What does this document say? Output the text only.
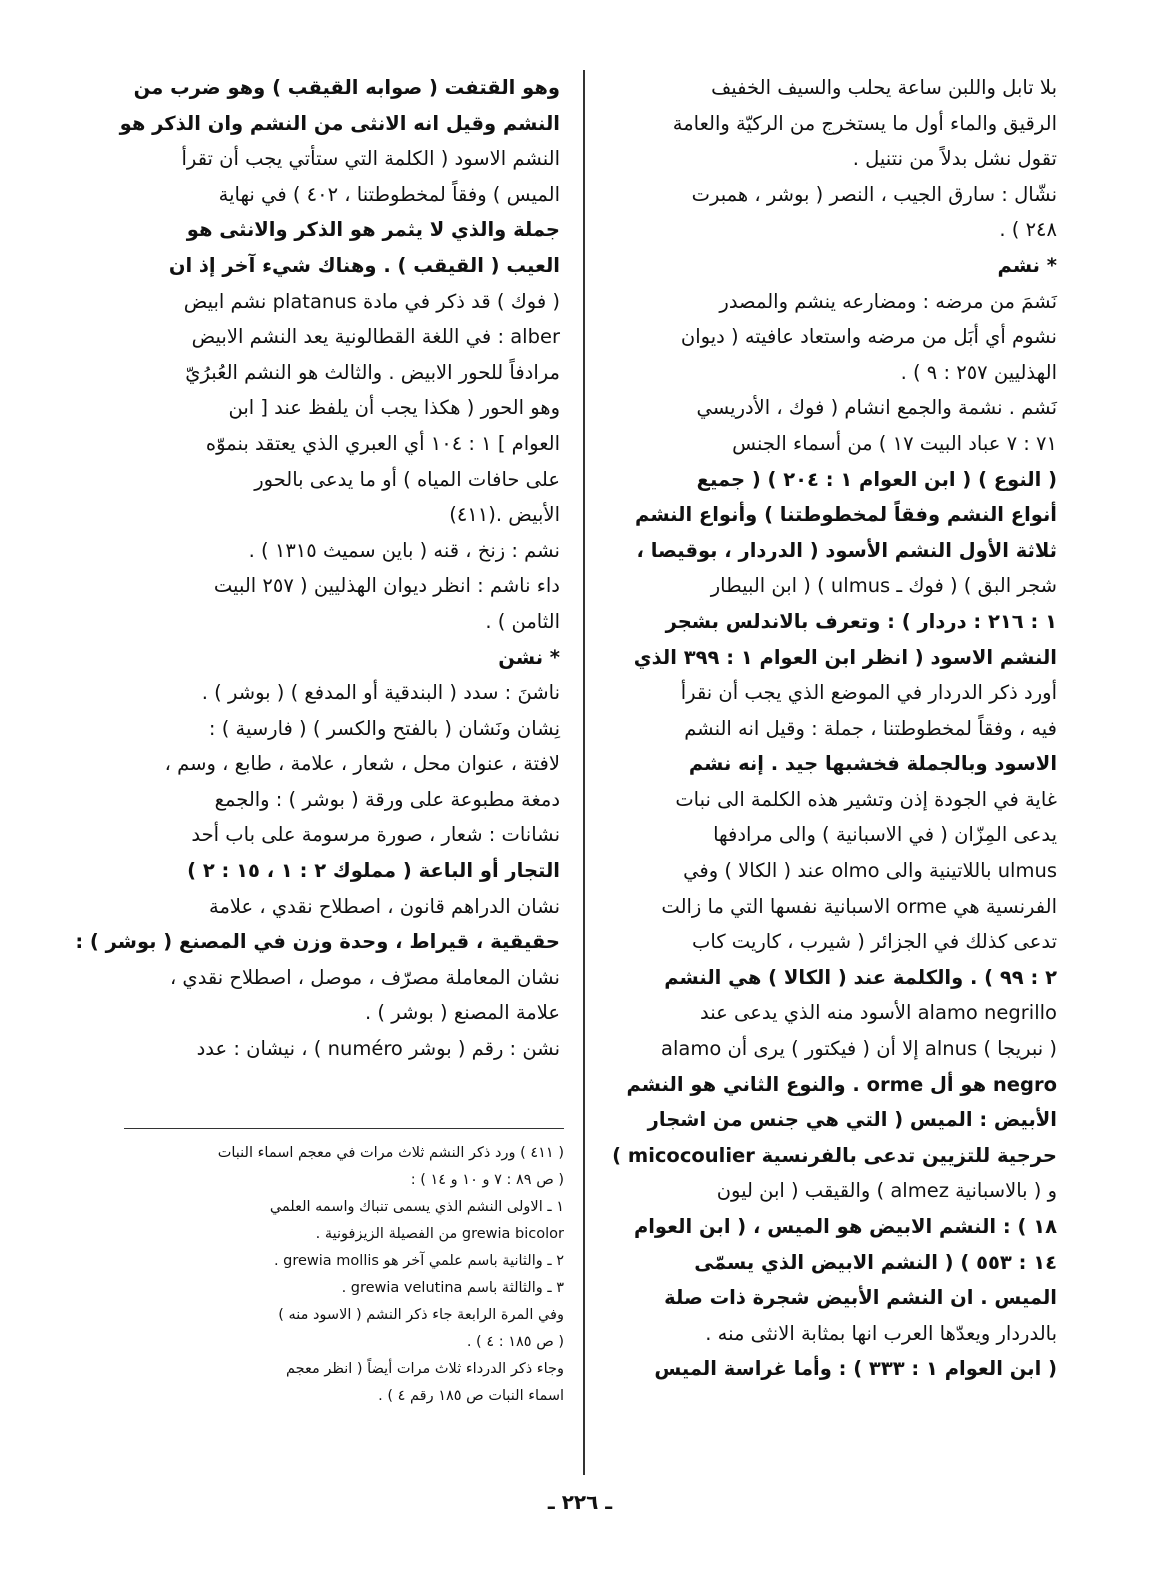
بلا تابل واللبن ساعة يحلب والسيف الخفيف
الرقيق والماء أول ما يستخرج من الركيّة والعامة
تقول نشل بدلاً من نتنيل .
نشّال : سارق الجيب ، النصر ( بوشر ، همبرت
٢٤٨ ) .
* نشم
نَشمَ من مرضه : ومضارعه ينشم والمصدر
نشوم أي أبَل من مرضه واستعاد عافيته ( ديوان
الهذليين ٢٥٧ : ٩ ) .
نَشم . نشمة والجمع انشام ( فوك ، الأدريسي
٧١ : ٧ عباد البيت ١٧ ) من أسماء الجنس
( النوع ) ( ابن العوام ١ : ٢٠٤ ) ( جميع
أنواع النشم وفقاً لمخطوطتنا ) وأنواع النشم
ثلاثة الأول النشم الأسود ( الدردار ، بوقيصا ،
شجر البق ) ( فوك ـ ulmus ) ( ابن البيطار
١ : ٢١٦ : دردار ) : وتعرف بالاندلس بشجر
النشم الاسود ( انظر ابن العوام ١ : ٣٩٩ الذي
أورد ذكر الدردار في الموضع الذي يجب أن نقرأ
فيه ، وفقاً لمخطوطتنا ، جملة : وقيل انه النشم
الاسود وبالجملة فخشبها جيد . إنه نشم
غاية في الجودة إذن وتشير هذه الكلمة الى نبات
يدعى المِزّان ( في الاسبانية ) والى مرادفها
ulmus باللاتينية والى olmo عند ( الكالا ) وفي
الفرنسية هي orme الاسبانية نفسها التي ما زالت
تدعى كذلك في الجزائر ( شيرب ، كاريت كاب
٢ : ٩٩ ) . والكلمة عند ( الكالا ) هي النشم
alamo negrillo الأسود منه الذي يدعى عند
( نبريجا ) alnus إلا أن ( فيكتور ) يرى أن alamo
negro هو أل orme . والنوع الثاني هو النشم
الأبيض : الميس ( التي هي جنس من اشجار
حرجية للتزيين تدعى بالفرنسية micocoulier )
و ( بالاسبانية almez ) والقيقب ( ابن ليون
١٨ ) : النشم الابيض هو الميس ، ( ابن العوام
١٤ : ٥٥٣ ) ( النشم الابيض الذي يسمّى
الميس . ان النشم الأبيض شجرة ذات صلة
بالدردار ويعدّها العرب انها بمثابة الانثى منه .
( ابن العوام ١ : ٣٣٣ ) : وأما غراسة الميس
وهو القتفت ( صوابه القيقب ) وهو ضرب من
النشم وقيل انه الانثى من النشم وان الذكر هو
النشم الاسود ( الكلمة التي ستأتي يجب أن تقرأ
الميس ) وفقاً لمخطوطتنا ، ٤٠٢ ) في نهاية
جملة والذي لا يثمر هو الذكر والانثى هو
العيب ( القيقب ) . وهناك شيء آخر إذ ان
( فوك ) قد ذكر في مادة platanus نشم ابيض
alber : في اللغة القطالونية يعد النشم الابيض
مرادفاً للحور الابيض . والثالث هو النشم العُبرُيّ
وهو الحور ( هكذا يجب أن يلفظ عند [ ابن
العوام ] ١ : ١٠٤ أي العبري الذي يعتقد بنموّه
على حافات المياه ) أو ما يدعى بالحور
الأبيض .(٤١١)
نشم : زنخ ، قنه ( باين سميث ١٣١٥ ) .
داء ناشم : انظر ديوان الهذليين ( ٢٥٧ البيت
الثامن ) .
* نشن
ناشنَ : سدد ( البندقية أو المدفع ) ( بوشر ) .
نِشان ونَشان ( بالفتح والكسر ) ( فارسية ) :
لافتة ، عنوان محل ، شعار ، علامة ، طابع ، وسم ،
دمغة مطبوعة على ورقة ( بوشر ) : والجمع
نشانات : شعار ، صورة مرسومة على باب أحد
التجار أو الباعة ( مملوك ٢ : ١ ، ١٥ : ٢ )
نشان الدراهم قانون ، اصطلاح نقدي ، علامة
حقيقية ، قيراط ، وحدة وزن في المصنع ( بوشر ) :
نشان المعاملة مصرّف ، موصل ، اصطلاح نقدي ،
علامة المصنع ( بوشر ) .
نشن : رقم ( بوشر numéro ) ، نيشان : عدد
( ٤١١ ) ورد ذكر النشم ثلاث مرات في معجم اسماء النبات
( ص ٨٩ : ٧ و ١٠ و ١٤ ) :
١ ـ الاولى النشم الذي يسمى تنباك واسمه العلمي
grewia bicolor من الفصيلة الزيزفونية .
٢ ـ والثانية باسم علمي آخر هو grewia mollis .
٣ ـ والثالثة باسم grewia velutina .
وفي المرة الرابعة جاء ذكر النشم ( الاسود منه )
( ص ١٨٥ : ٤ ) .
وجاء ذكر الدرداء ثلاث مرات أيضاً ( انظر معجم
اسماء النبات ص ١٨٥ رقم ٤ ) .
ـ ٢٢٦ ـ
